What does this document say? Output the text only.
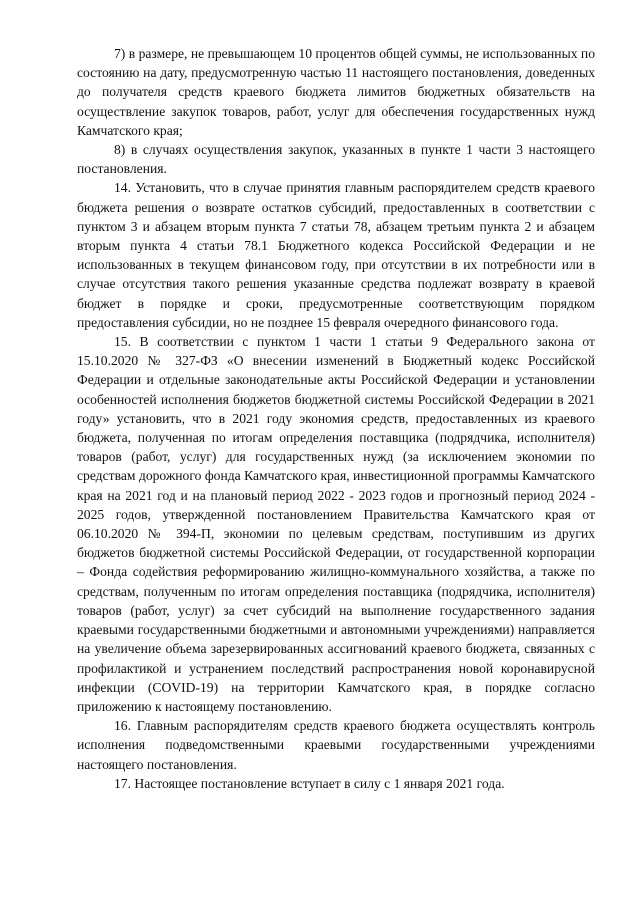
7) в размере, не превышающем 10 процентов общей суммы, не использованных по состоянию на дату, предусмотренную частью 11 настоящего постановления, доведенных до получателя средств краевого бюджета лимитов бюджетных обязательств на осуществление закупок товаров, работ, услуг для обеспечения государственных нужд Камчатского края;

8) в случаях осуществления закупок, указанных в пункте 1 части 3 настоящего постановления.

14. Установить, что в случае принятия главным распорядителем средств краевого бюджета решения о возврате остатков субсидий, предоставленных в соответствии с пунктом 3 и абзацем вторым пункта 7 статьи 78, абзацем третьим пункта 2 и абзацем вторым пункта 4 статьи 78.1 Бюджетного кодекса Российской Федерации и не использованных в текущем финансовом году, при отсутствии в их потребности или в случае отсутствия такого решения указанные средства подлежат возврату в краевой бюджет в порядке и сроки, предусмотренные соответствующим порядком предоставления субсидии, но не позднее 15 февраля очередного финансового года.

15. В соответствии с пунктом 1 части 1 статьи 9 Федерального закона от 15.10.2020 № 327-ФЗ «О внесении изменений в Бюджетный кодекс Российской Федерации и отдельные законодательные акты Российской Федерации и установлении особенностей исполнения бюджетов бюджетной системы Российской Федерации в 2021 году» установить, что в 2021 году экономия средств, предоставленных из краевого бюджета, полученная по итогам определения поставщика (подрядчика, исполнителя) товаров (работ, услуг) для государственных нужд (за исключением экономии по средствам дорожного фонда Камчатского края, инвестиционной программы Камчатского края на 2021 год и на плановый период 2022 - 2023 годов и прогнозный период 2024 - 2025 годов, утвержденной постановлением Правительства Камчатского края от 06.10.2020 № 394-П, экономии по целевым средствам, поступившим из других бюджетов бюджетной системы Российской Федерации, от государственной корпорации – Фонда содействия реформированию жилищно-коммунального хозяйства, а также по средствам, полученным по итогам определения поставщика (подрядчика, исполнителя) товаров (работ, услуг) за счет субсидий на выполнение государственного задания краевыми государственными бюджетными и автономными учреждениями) направляется на увеличение объема зарезервированных ассигнований краевого бюджета, связанных с профилактикой и устранением последствий распространения новой коронавирусной инфекции (COVID-19) на территории Камчатского края, в порядке согласно приложению к настоящему постановлению.

16. Главным распорядителям средств краевого бюджета осуществлять контроль исполнения подведомственными краевыми государственными учреждениями настоящего постановления.

17. Настоящее постановление вступает в силу с 1 января 2021 года.
